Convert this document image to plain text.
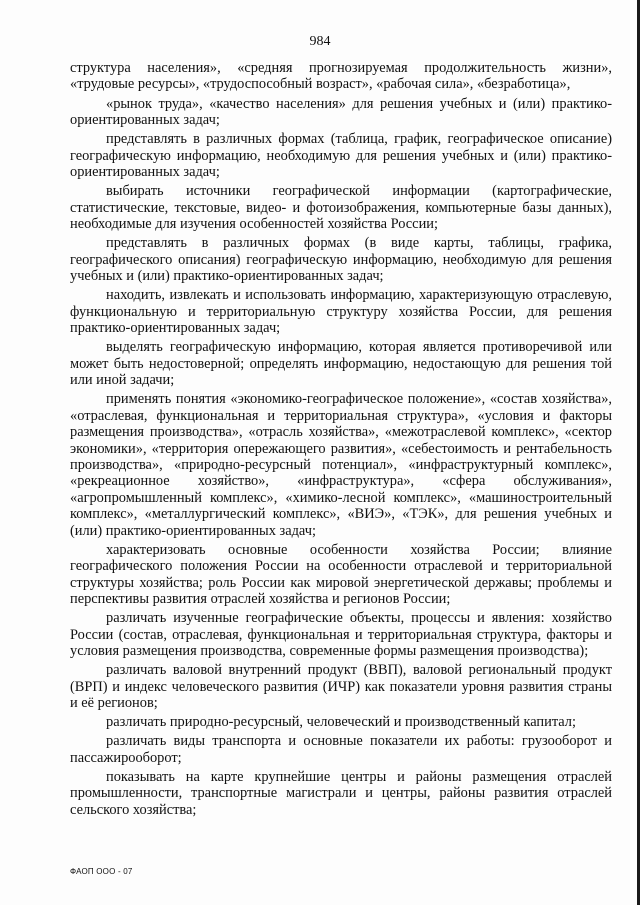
984

структура населения», «средняя прогнозируемая продолжительность жизни», «трудовые ресурсы», «трудоспособный возраст», «рабочая сила», «безработица»,

«рынок труда», «качество населения» для решения учебных и (или) практико-ориентированных задач;

представлять в различных формах (таблица, график, географическое описание) географическую информацию, необходимую для решения учебных и (или) практико-ориентированных задач;

выбирать источники географической информации (картографические, статистические, текстовые, видео- и фотоизображения, компьютерные базы данных), необходимые для изучения особенностей хозяйства России;

представлять в различных формах (в виде карты, таблицы, графика, географического описания) географическую информацию, необходимую для решения учебных и (или) практико-ориентированных задач;

находить, извлекать и использовать информацию, характеризующую отраслевую, функциональную и территориальную структуру хозяйства России, для решения практико-ориентированных задач;

выделять географическую информацию, которая является противоречивой или может быть недостоверной; определять информацию, недостающую для решения той или иной задачи;

применять понятия «экономико-географическое положение», «состав хозяйства», «отраслевая, функциональная и территориальная структура», «условия и факторы размещения производства», «отрасль хозяйства», «межотраслевой комплекс», «сектор экономики», «территория опережающего развития», «себестоимость и рентабельность производства», «природно-ресурсный потенциал», «инфраструктурный комплекс», «рекреационное хозяйство», «инфраструктура», «сфера обслуживания», «агропромышленный комплекс», «химико-лесной комплекс», «машиностроительный комплекс», «металлургический комплекс», «ВИЭ», «ТЭК», для решения учебных и (или) практико-ориентированных задач;

характеризовать основные особенности хозяйства России; влияние географического положения России на особенности отраслевой и территориальной структуры хозяйства; роль России как мировой энергетической державы; проблемы и перспективы развития отраслей хозяйства и регионов России;

различать изученные географические объекты, процессы и явления: хозяйство России (состав, отраслевая, функциональная и территориальная структура, факторы и условия размещения производства, современные формы размещения производства);

различать валовой внутренний продукт (ВВП), валовой региональный продукт (ВРП) и индекс человеческого развития (ИЧР) как показатели уровня развития страны и её регионов;

различать природно-ресурсный, человеческий и производственный капитал;

различать виды транспорта и основные показатели их работы: грузооборот и пассажирооборот;

показывать на карте крупнейшие центры и районы размещения отраслей промышленности, транспортные магистрали и центры, районы развития отраслей сельского хозяйства;

ФАОП ООО - 07
